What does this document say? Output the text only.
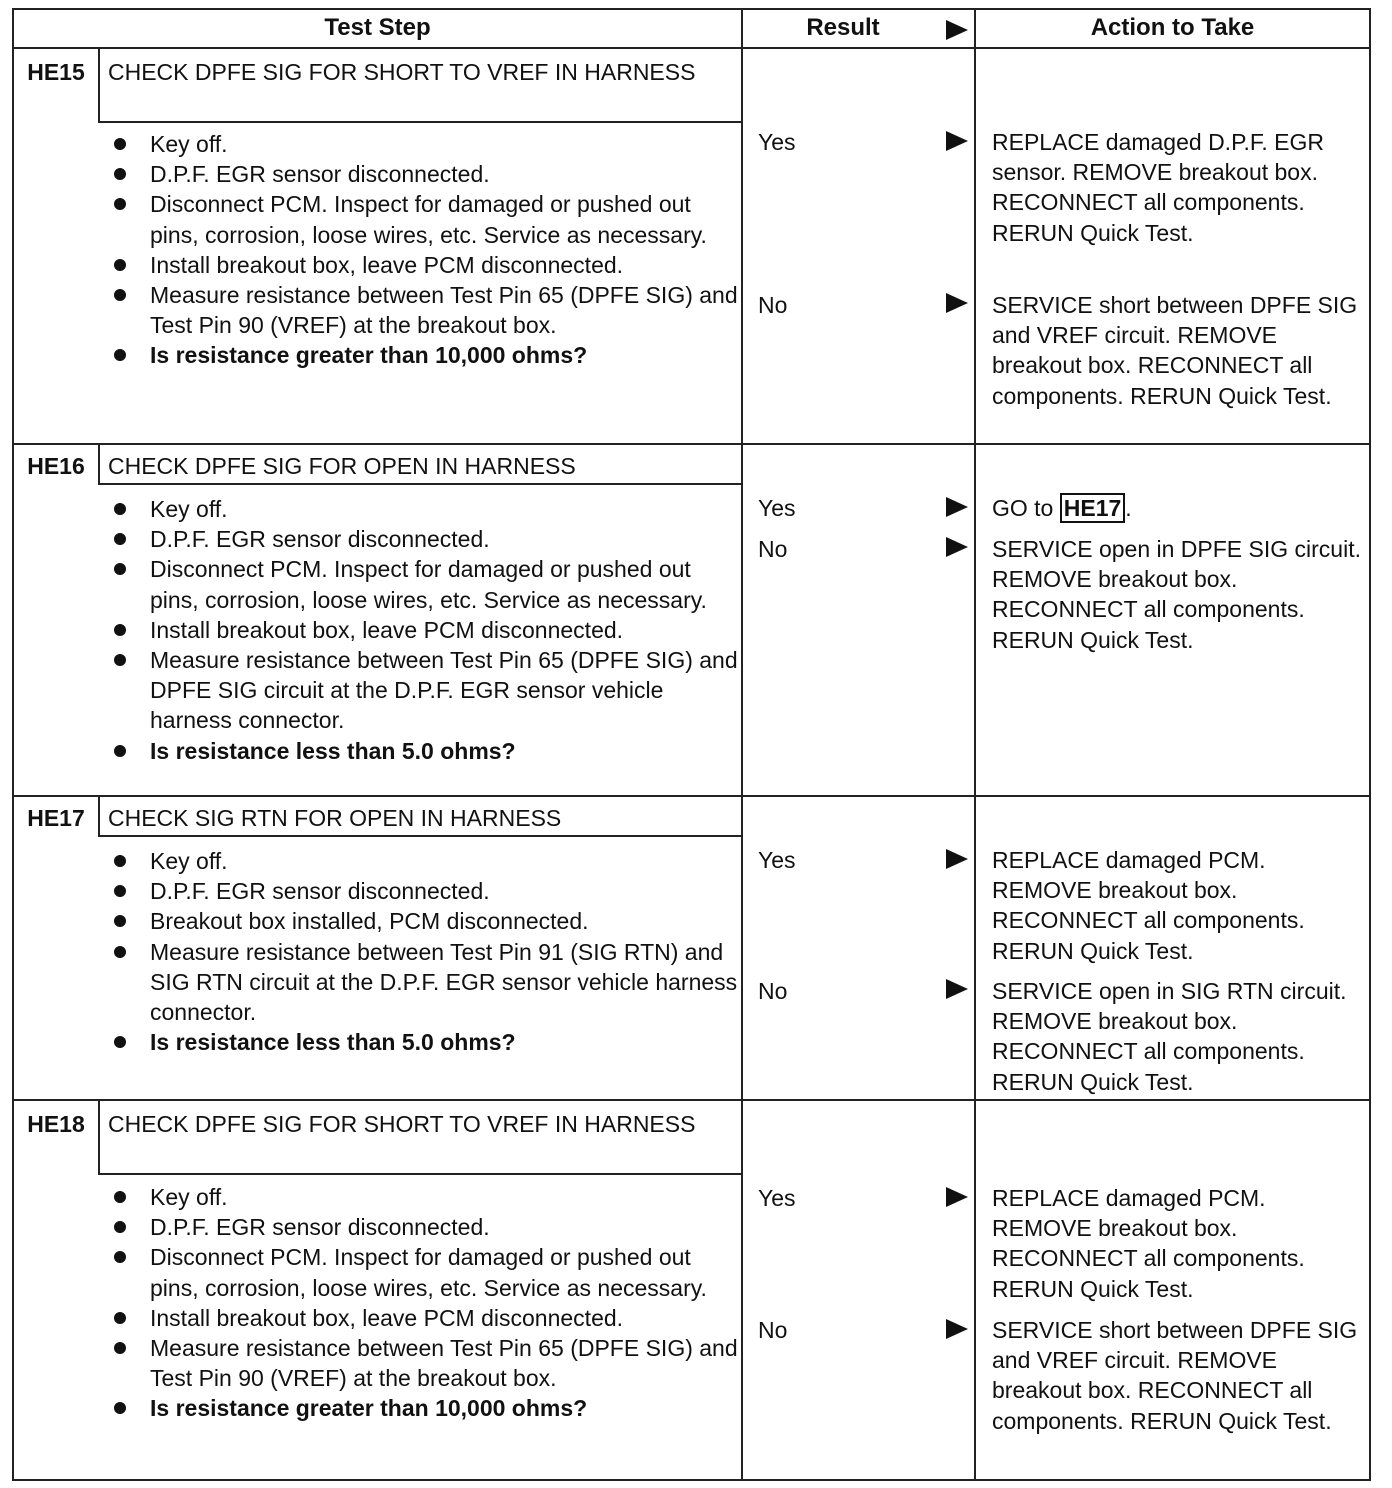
Test Step	Result	Action to Take
HE15	CHECK DPFE SIG FOR SHORT TO VREF IN HARNESS
Key off.
D.P.F. EGR sensor disconnected.
Disconnect PCM. Inspect for damaged or pushed out pins, corrosion, loose wires, etc. Service as necessary.
Install breakout box, leave PCM disconnected.
Measure resistance between Test Pin 65 (DPFE SIG) and Test Pin 90 (VREF) at the breakout box.
Is resistance greater than 10,000 ohms?
Yes	REPLACE damaged D.P.F. EGR sensor. REMOVE breakout box. RECONNECT all components. RERUN Quick Test.
No	SERVICE short between DPFE SIG and VREF circuit. REMOVE breakout box. RECONNECT all components. RERUN Quick Test.
HE16	CHECK DPFE SIG FOR OPEN IN HARNESS
Key off.
D.P.F. EGR sensor disconnected.
Disconnect PCM. Inspect for damaged or pushed out pins, corrosion, loose wires, etc. Service as necessary.
Install breakout box, leave PCM disconnected.
Measure resistance between Test Pin 65 (DPFE SIG) and DPFE SIG circuit at the D.P.F. EGR sensor vehicle harness connector.
Is resistance less than 5.0 ohms?
Yes	GO to HE17 .
No	SERVICE open in DPFE SIG circuit. REMOVE breakout box. RECONNECT all components. RERUN Quick Test.
HE17	CHECK SIG RTN FOR OPEN IN HARNESS
Key off.
D.P.F. EGR sensor disconnected.
Breakout box installed, PCM disconnected.
Measure resistance between Test Pin 91 (SIG RTN) and SIG RTN circuit at the D.P.F. EGR sensor vehicle harness connector.
Is resistance less than 5.0 ohms?
Yes	REPLACE damaged PCM. REMOVE breakout box. RECONNECT all components. RERUN Quick Test.
No	SERVICE open in SIG RTN circuit. REMOVE breakout box. RECONNECT all components. RERUN Quick Test.
HE18	CHECK DPFE SIG FOR SHORT TO VREF IN HARNESS
Key off.
D.P.F. EGR sensor disconnected.
Disconnect PCM. Inspect for damaged or pushed out pins, corrosion, loose wires, etc. Service as necessary.
Install breakout box, leave PCM disconnected.
Measure resistance between Test Pin 65 (DPFE SIG) and Test Pin 90 (VREF) at the breakout box.
Is resistance greater than 10,000 ohms?
Yes	REPLACE damaged PCM. REMOVE breakout box. RECONNECT all components. RERUN Quick Test.
No	SERVICE short between DPFE SIG and VREF circuit. REMOVE breakout box. RECONNECT all components. RERUN Quick Test.
